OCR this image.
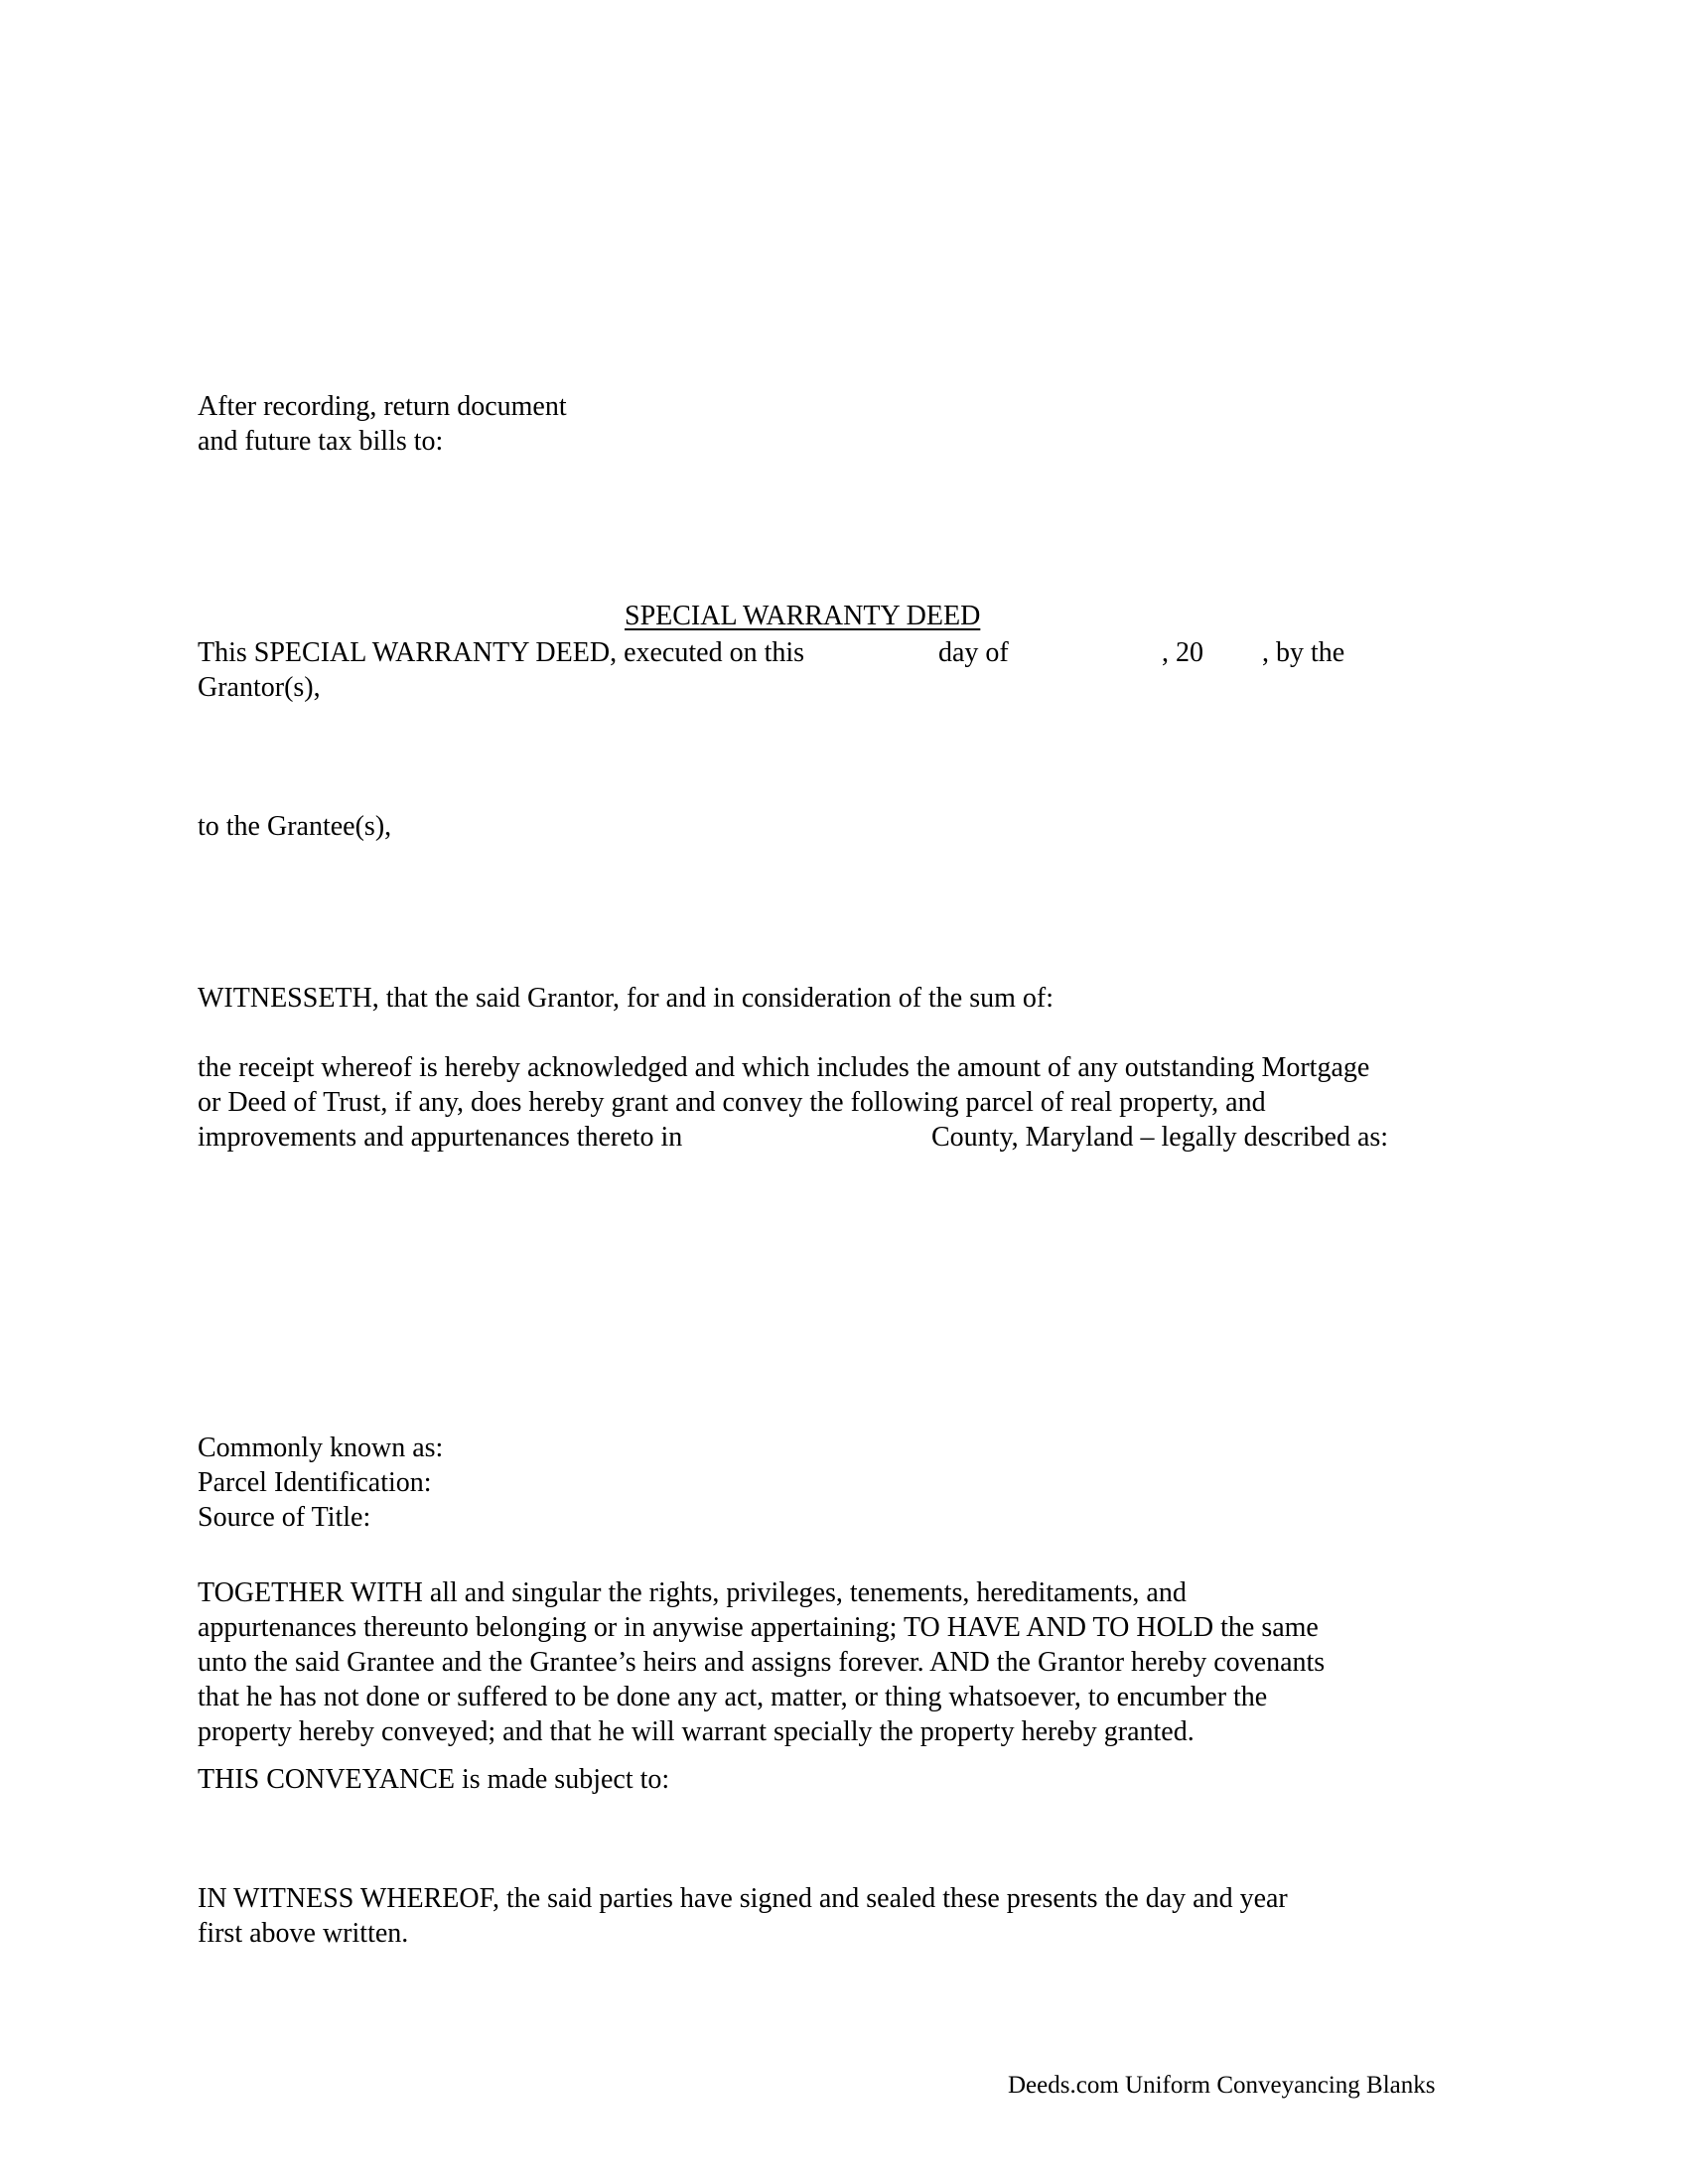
After recording, return document
and future tax bills to:
SPECIAL WARRANTY DEED
This SPECIAL WARRANTY DEED, executed on this	day of	, 20 , by the
Grantor(s),
to the Grantee(s),
WITNESSETH, that the said Grantor, for and in consideration of the sum of:
the receipt whereof is hereby acknowledged and which includes the amount of any outstanding Mortgage
or Deed of Trust, if any, does hereby grant and convey the following parcel of real property, and
improvements and appurtenances thereto in	County, Maryland – legally described as:
Commonly known as:
Parcel Identification:
Source of Title:
TOGETHER WITH all and singular the rights, privileges, tenements, hereditaments, and
appurtenances thereunto belonging or in anywise appertaining; TO HAVE AND TO HOLD the same
unto the said Grantee and the Grantee’s heirs and assigns forever. AND the Grantor hereby covenants
that he has not done or suffered to be done any act, matter, or thing whatsoever, to encumber the
property hereby conveyed; and that he will warrant specially the property hereby granted.
THIS CONVEYANCE is made subject to:
IN WITNESS WHEREOF, the said parties have signed and sealed these presents the day and year
first above written.
Deeds.com Uniform Conveyancing Blanks
